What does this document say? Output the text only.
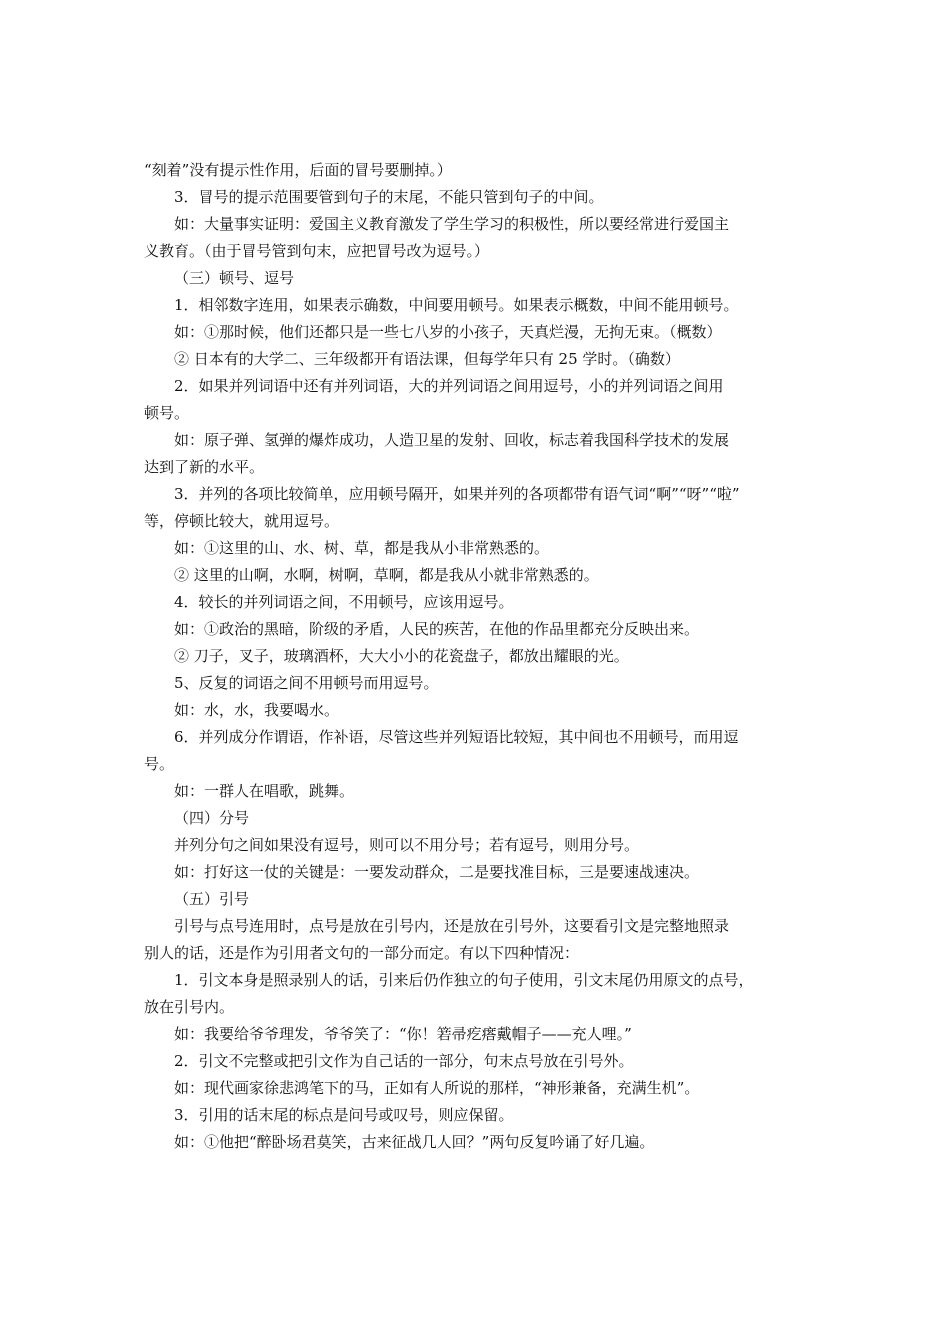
“刻着”没有提示性作用，后面的冒号要删掉。）
3．冒号的提示范围要管到句子的末尾，不能只管到句子的中间。
如：大量事实证明：爱国主义教育激发了学生学习的积极性，所以要经常进行爱国主
义教育。（由于冒号管到句末，应把冒号改为逗号。）
（三）顿号、逗号
1．相邻数字连用，如果表示确数，中间要用顿号。如果表示概数，中间不能用顿号。
如：①那时候，他们还都只是一些七八岁的小孩子，天真烂漫，无拘无束。（概数）
② 日本有的大学二、三年级都开有语法课，但每学年只有 25 学时。（确数）
2．如果并列词语中还有并列词语，大的并列词语之间用逗号，小的并列词语之间用
顿号。
如：原子弹、氢弹的爆炸成功，人造卫星的发射、回收，标志着我国科学技术的发展
达到了新的水平。
3．并列的各项比较简单，应用顿号隔开，如果并列的各项都带有语气词“啊”“呀”“啦”
等，停顿比较大，就用逗号。
如：①这里的山、水、树、草，都是我从小非常熟悉的。
② 这里的山啊，水啊，树啊，草啊，都是我从小就非常熟悉的。
4．较长的并列词语之间，不用顿号，应该用逗号。
如：①政治的黑暗，阶级的矛盾，人民的疾苦，在他的作品里都充分反映出来。
② 刀子，叉子，玻璃酒杯，大大小小的花瓷盘子，都放出耀眼的光。
5、反复的词语之间不用顿号而用逗号。
如：水，水，我要喝水。
6．并列成分作谓语，作补语，尽管这些并列短语比较短，其中间也不用顿号，而用逗
号。
如：一群人在唱歌，跳舞。
（四）分号
并列分句之间如果没有逗号，则可以不用分号；若有逗号，则用分号。
如：打好这一仗的关键是：一要发动群众，二是要找准目标，三是要速战速决。
（五）引号
引号与点号连用时，点号是放在引号内，还是放在引号外，这要看引文是完整地照录
别人的话，还是作为引用者文句的一部分而定。有以下四种情况：
1．引文本身是照录别人的话，引来后仍作独立的句子使用，引文末尾仍用原文的点号，
放在引号内。
如：我要给爷爷理发，爷爷笑了：“你！箬帚疙瘩戴帽子——充人哩。”
2．引文不完整或把引文作为自己话的一部分，句末点号放在引号外。
如：现代画家徐悲鸿笔下的马，正如有人所说的那样，“神形兼备，充满生机”。
3．引用的话末尾的标点是问号或叹号，则应保留。
如：①他把“醉卧场君莫笑，古来征战几人回？”两句反复吟诵了好几遍。
